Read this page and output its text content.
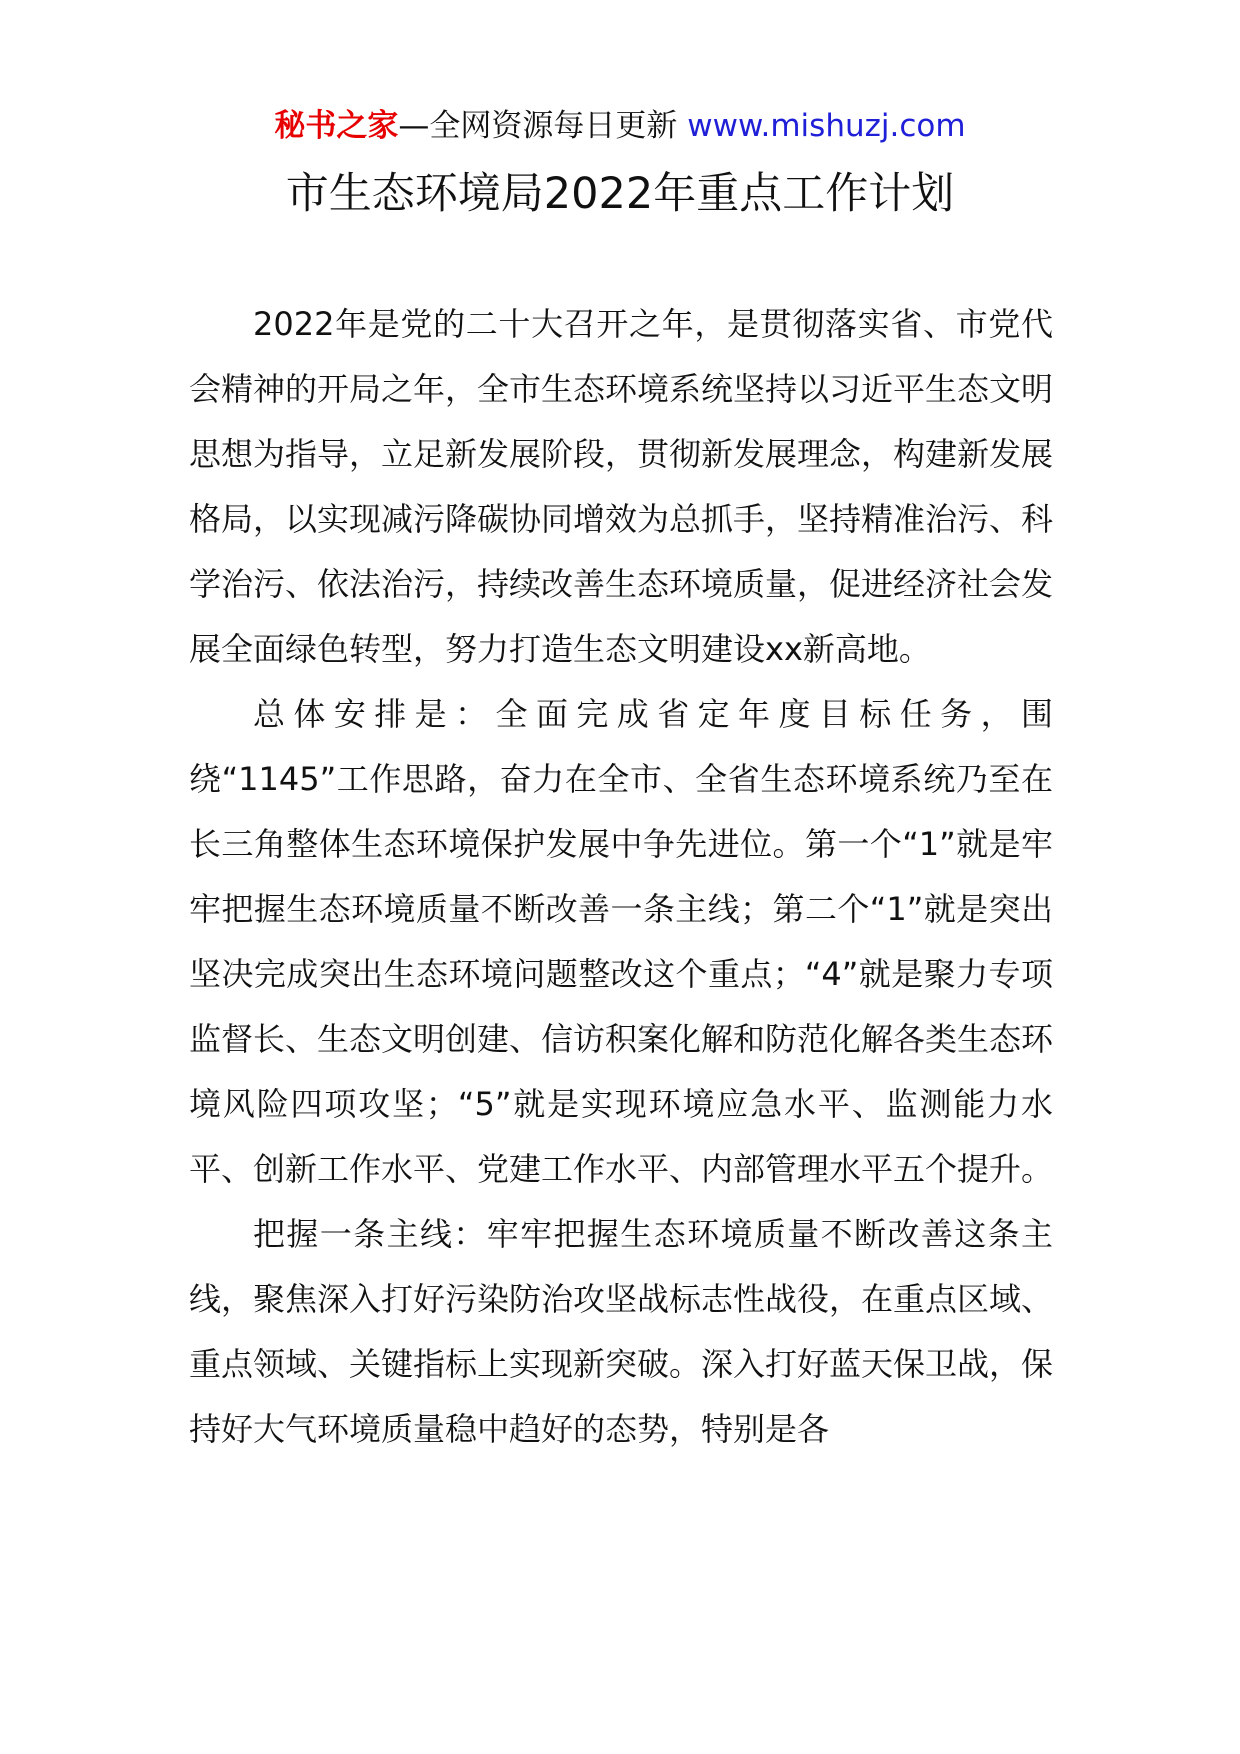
秘书之家—全网资源每日更新 www.mishuzj.com
市生态环境局2022年重点工作计划

2022年是党的二十大召开之年，是贯彻落实省、市党代会精神的开局之年，全市生态环境系统坚持以习近平生态文明思想为指导，立足新发展阶段，贯彻新发展理念，构建新发展格局，以实现减污降碳协同增效为总抓手，坚持精准治污、科学治污、依法治污，持续改善生态环境质量，促进经济社会发展全面绿色转型，努力打造生态文明建设xx新高地。

总体安排是：全面完成省定年度目标任务，围绕“1145”工作思路，奋力在全市、全省生态环境系统乃至在长三角整体生态环境保护发展中争先进位。第一个“1”就是牢牢把握生态环境质量不断改善一条主线；第二个“1”就是突出坚决完成突出生态环境问题整改这个重点；“4”就是聚力专项监督长、生态文明创建、信访积案化解和防范化解各类生态环境风险四项攻坚；“5”就是实现环境应急水平、监测能力水平、创新工作水平、党建工作水平、内部管理水平五个提升。

把握一条主线：牢牢把握生态环境质量不断改善这条主线，聚焦深入打好污染防治攻坚战标志性战役，在重点区域、重点领域、关键指标上实现新突破。深入打好蓝天保卫战，保持好大气环境质量稳中趋好的态势，特别是各
